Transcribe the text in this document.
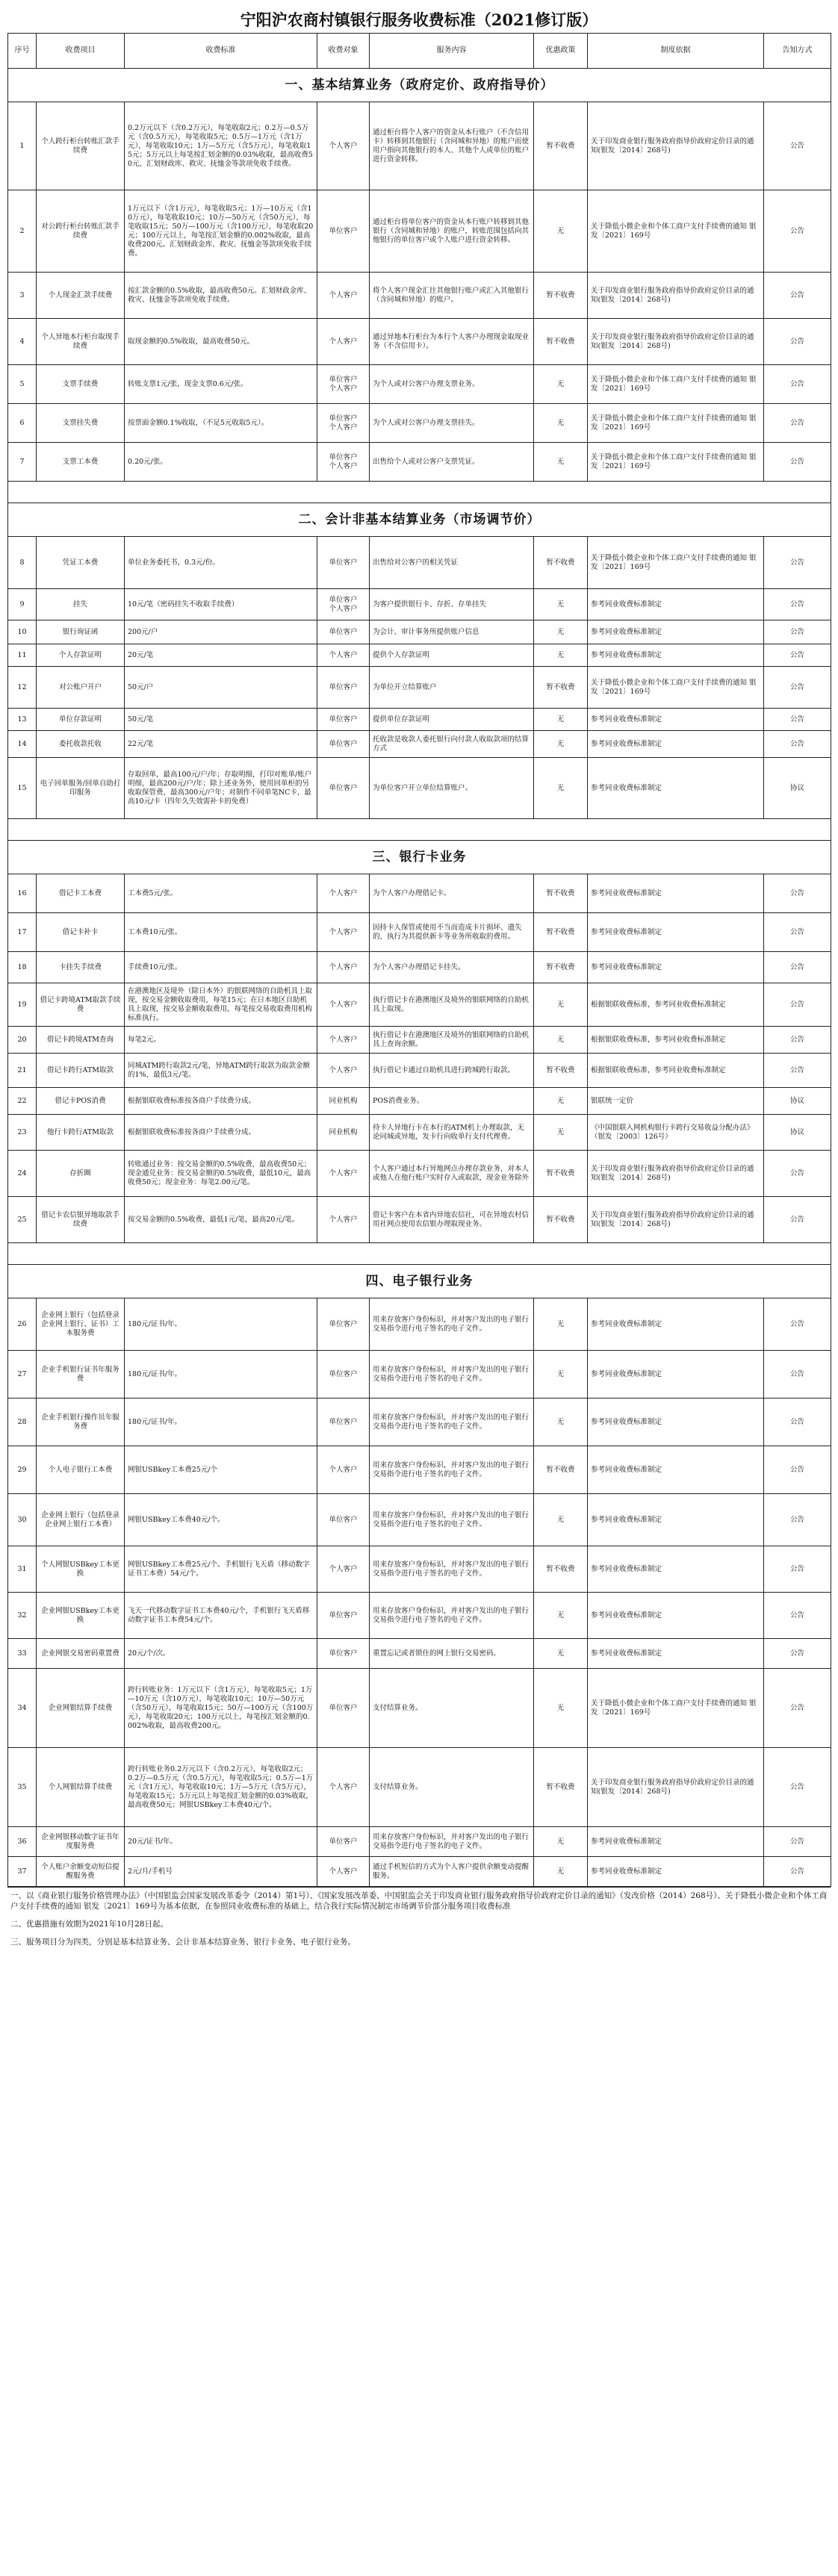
宁阳沪农商村镇银行服务收费标准（2021修订版）
序号	收费项目	收费标准	收费对象	服务内容	优惠政策	制度依据	告知方式
一、基本结算业务（政府定价、政府指导价）							
1	个人跨行柜台转账汇款手续费	0.2万元以下（含0.2万元），每笔收取2元；0.2万—0.5万元（含0.5万元），每笔收取5元；0.5万—1万元（含1万元），每笔收取10元；1万—5万元（含5万元），每笔收取15元；5万元以上每笔按汇划金额的0.03%收取，最高收费50元，汇划财政库、救灾、抚恤金等款项免收手续费。	个人客户	通过柜台将个人客户的资金从本行账户（不含信用卡）转移到其他银行（含同城和异地）的账户而使用户指向其他银行的本人、其他个人或单位的账户进行资金转移。	暂不收费	关于印发商业银行服务政府指导价政府定价目录的通知(银发〔2014〕268号)	公告
2	对公跨行柜台转账汇款手续费	1万元以下（含1万元），每笔收取5元；1万—10万元（含10万元），每笔收取10元；10万—50万元（含50万元），每笔收取15元；50万—100万元（含100万元），每笔收取20元；100万元以上，每笔按汇划金额的0.002%收取，最高收费200元。汇划财政金库、救灾、抚恤金等款项免收手续费。	单位客户	通过柜台将单位客户的资金从本行账户转移到其他银行（含同城和异地）的账户，转账范围包括向其他银行的单位客户或个人账户进行资金转移。	无	关于降低小微企业和个体工商户支付手续费的通知 银发〔2021〕169号	公告
3	个人现金汇款手续费	按汇款金额的0.5%收取，最高收费50元。汇划财政金库、救灾、抚恤金等款项免收手续费。	个人客户	将个人客户现金汇往其他银行账户或汇入其他银行（含同城和异地）的账户。	暂不收费	关于印发商业银行服务政府指导价政府定价目录的通知(银发〔2014〕268号)	公告
4	个人异地本行柜台取现手续费	取现金额的0.5%收取，最高收费50元。	个人客户	通过异地本行柜台为本行个人客户办理现金取现业务（不含信用卡）。	暂不收费	关于印发商业银行服务政府指导价政府定价目录的通知(银发〔2014〕268号)	公告
5	支票手续费	转账支票1元/张，现金支票0.6元/张。	单位客户
个人客户	为个人或对公客户办理支票业务。	无	关于降低小微企业和个体工商户支付手续费的通知 银发〔2021〕169号	公告
6	支票挂失费	按票面金额0.1%收取，（不足5元收取5元）。	单位客户
个人客户	为个人或对公客户办理支票挂失。	无	关于降低小微企业和个体工商户支付手续费的通知 银发〔2021〕169号	公告
7	支票工本费	0.20元/张。	单位客户
个人客户	出售给个人或对公客户支票凭证。	无	关于降低小微企业和个体工商户支付手续费的通知 银发〔2021〕169号	公告

二、会计非基本结算业务（市场调节价）							
8	凭证工本费	单位业务委托书，0.3元/份。	单位客户	出售给对公客户的相关凭证	暂不收费	关于降低小微企业和个体工商户支付手续费的通知 银发〔2021〕169号	公告
9	挂失	10元/笔（密码挂失不收取手续费）	单位客户
个人客户	为客户提供银行卡、存折、存单挂失	无	参考同业收费标准制定	公告
10	银行询证函	200元/户	单位客户	为会计、审计事务所提供账户信息	无	参考同业收费标准制定	公告
11	个人存款证明	20元/笔	个人客户	提供个人存款证明	无	参考同业收费标准制定	公告
12	对公账户开户	50元/户	单位客户	为单位开立结算账户	暂不收费	关于降低小微企业和个体工商户支付手续费的通知 银发〔2021〕169号	公告
13	单位存款证明	50元/笔	单位客户	提供单位存款证明	无	参考同业收费标准制定	公告
14	委托收款托收	22元/笔	单位客户	托收款是收款人委托银行向付款人收取款项的结算方式	无	参考同业收费标准制定	公告
15	电子回单服务/回单自助打印服务	存取回单，最高100元/户/年；存取明细，打印对账单/账户明细，最高200元/户/年；除上述业务外，使用回单柜的另收取保管费，最高300元/户年；对制作不同单笔NC卡，最高10元/卡（四年久失效需补卡的免费）	单位客户	为单位客户开立单位结算账户。	无	参考同业收费标准制定	协议

三、银行卡业务							
16	借记卡工本费	工本费5元/张。	个人客户	为个人客户办理借记卡。	暂不收费	参考同业收费标准制定	公告
17	借记卡补卡	工本费10元/张。	个人客户	因持卡人保管或使用不当而造成卡片损坏、遗失的，执行为其提供新卡等业务所收取的费用。	暂不收费	参考同业收费标准制定	公告
18	卡挂失手续费	手续费10元/张。	个人客户	为个人客户办理借记卡挂失。	暂不收费	参考同业收费标准制定	公告
19	借记卡跨境ATM取款手续费	在港澳地区及境外（除日本外）的银联网络的自助机具上取现，按交易金额收取费用，每笔15元；在日本地区自助机具上取现，按交易金额收取费用，每笔按交易收取费用机构标准执行。	个人客户	执行借记卡在港澳地区及境外的银联网络的自助机具上取现。	无	根据银联收费标准，参考同业收费标准制定	公告
20	借记卡跨境ATM查询	每笔2元。	个人客户	执行借记卡在港澳地区及境外的银联网络的自助机具上查询余额。	无	根据银联收费标准，参考同业收费标准制定	公告
21	借记卡跨行ATM取款	同城ATM跨行取款2元/笔，异地ATM跨行取款为取款金额的1%，最低3元/笔。	个人客户	执行借记卡通过自助机具进行跨城跨行取款。	暂不收费	根据银联收费标准，参考同业收费标准制定	公告
22	借记卡POS消费	根据银联收费标准按各商户手续费分成。	同业机构	POS消费业务。	无	银联统一定价	协议
23	他行卡跨行ATM取款	根据银联收费标准按各商户手续费分成。	同业机构	持卡人异地行卡在本行的ATM机上办理取款，无论同城或异地，发卡行向收单行支付代理费。	无	《中国银联入网机构银行卡跨行交易收益分配办法》（银发〔2003〕126号）	协议
24	存折圈	转账通过业务：按交易金额的0.5%收费，最高收费50元；现金通兑业务：按交易金额的0.5%收费，最低10元，最高收费50元；现金业务：每笔2.00元/笔。	个人客户	个人客户通过本行异地网点办理存款业务，对本人或他人在他行账户实时存入或取款，现金业务除外	暂不收费	关于印发商业银行服务政府指导价政府定价目录的通知(银发〔2014〕268号)	公告
25	借记卡农信银异地取款手续费	按交易金额的0.5%收费，最低1元/笔，最高20元/笔。	个人客户	借记卡客户在本省内异地农信社，可在异地农村信用社网点使用农信银办理取现业务。	暂不收费	关于印发商业银行服务政府指导价政府定价目录的通知(银发〔2014〕268号)	公告

四、电子银行业务							
26	企业网上银行（包括登录企业网上银行、证书）工本服务费	180元/证书/年。	单位客户	用来存放客户身份标识，并对客户发出的电子银行交易指令进行电子签名的电子文件。	无	参考同业收费标准制定	公告
27	企业手机银行证书年服务费	180元/证书/年。	单位客户	用来存放客户身份标识，并对客户发出的电子银行交易指令进行电子签名的电子文件。	无	参考同业收费标准制定	公告
28	企业手机银行操作员年服务费	180元/证书/年。	单位客户	用来存放客户身份标识，并对客户发出的电子银行交易指令进行电子签名的电子文件。	无	参考同业收费标准制定	公告
29	个人电子银行工本费	网银USBkey工本费25元/个	个人客户	用来存放客户身份标识，并对客户发出的电子银行交易指令进行电子签名的电子文件。	暂不收费	参考同业收费标准制定	公告
30	企业网上银行（包括登录企业网上银行工本费）	网银USBkey工本费40元/个。	单位客户	用来存放客户身份标识，并对客户发出的电子银行交易指令进行电子签名的电子文件。	无	参考同业收费标准制定	公告
31	个人网银USBkey工本更换	网银USBkey工本费25元/个。手机银行飞天盾（移动数字证书工本费）54元/个。	个人客户	用来存放客户身份标识，并对客户发出的电子银行交易指令进行电子签名的电子文件。	暂不收费	参考同业收费标准制定	公告
32	企业网银USBkey工本更换	飞天一代移动数字证书工本费40元/个，手机银行飞天盾移动数字证书工本费54元/个。	单位客户	用来存放客户身份标识，并对客户发出的电子银行交易指令进行电子签名的电子文件。	无	参考同业收费标准制定	公告
33	企业网银交易密码重置费	20元/个/次。	单位客户	重置忘记或者锁住的网上银行交易密码。	无	参考同业收费标准制定	公告
34	企业网银结算手续费	跨行转账业务：1万元以下（含1万元），每笔收取5元；1万—10万元（含10万元），每笔收取10元；10万—50万元（含50万元），每笔收取15元；50万—100万元（含100万元），每笔收取20元；100万元以上，每笔按汇划金额的0.002%收取，最高收费200元。	单位客户	支付结算业务。	无	关于降低小微企业和个体工商户支付手续费的通知 银发〔2021〕169号	公告
35	个人网银结算手续费	跨行转账业务0.2万元以下（含0.2万元），每笔收取2元；0.2万—0.5万元（含0.5万元），每笔收取5元；0.5万—1万元（含1万元），每笔收取10元；1万—5万元（含5万元），每笔收取15元；5万元以上每笔按汇划金额的0.03%收取，最高收费50元；网银USBkey工本费40元/个。	个人客户	支付结算业务。	暂不收费	关于印发商业银行服务政府指导价政府定价目录的通知(银发〔2014〕268号)	公告
36	企业网银移动数字证书年度服务费	20元/证书/年。	单位客户	用来存放客户身份标识，并对客户发出的电子银行交易指令进行电子签名的电子文件。	无	参考同业收费标准制定	公告
37	个人账户余额变动短信提醒服务费	2元/月/手机号	个人客户	通过手机短信的方式为个人客户提供余额变动提醒服务。	无	参考同业收费标准制定	公告

一、以《商业银行服务价格管理办法》（中国银监会国家发展改革委令（2014）第1号）、《国家发展改革委、中国银监会关于印发商业银行服务政府指导价政府定价目录的通知》（发改价格（2014）268号）、关于降低小微企业和个体工商户支付手续费的通知 银发〔2021〕169号为基本依据，在参照同业收费标准的基础上，结合我行实际情况制定市场调节价部分服务项目收费标准

二、优惠措施有效期为2021年10月28日起。

三、服务项目分为四类，分别是基本结算业务、会计非基本结算业务、银行卡业务、电子银行业务。
